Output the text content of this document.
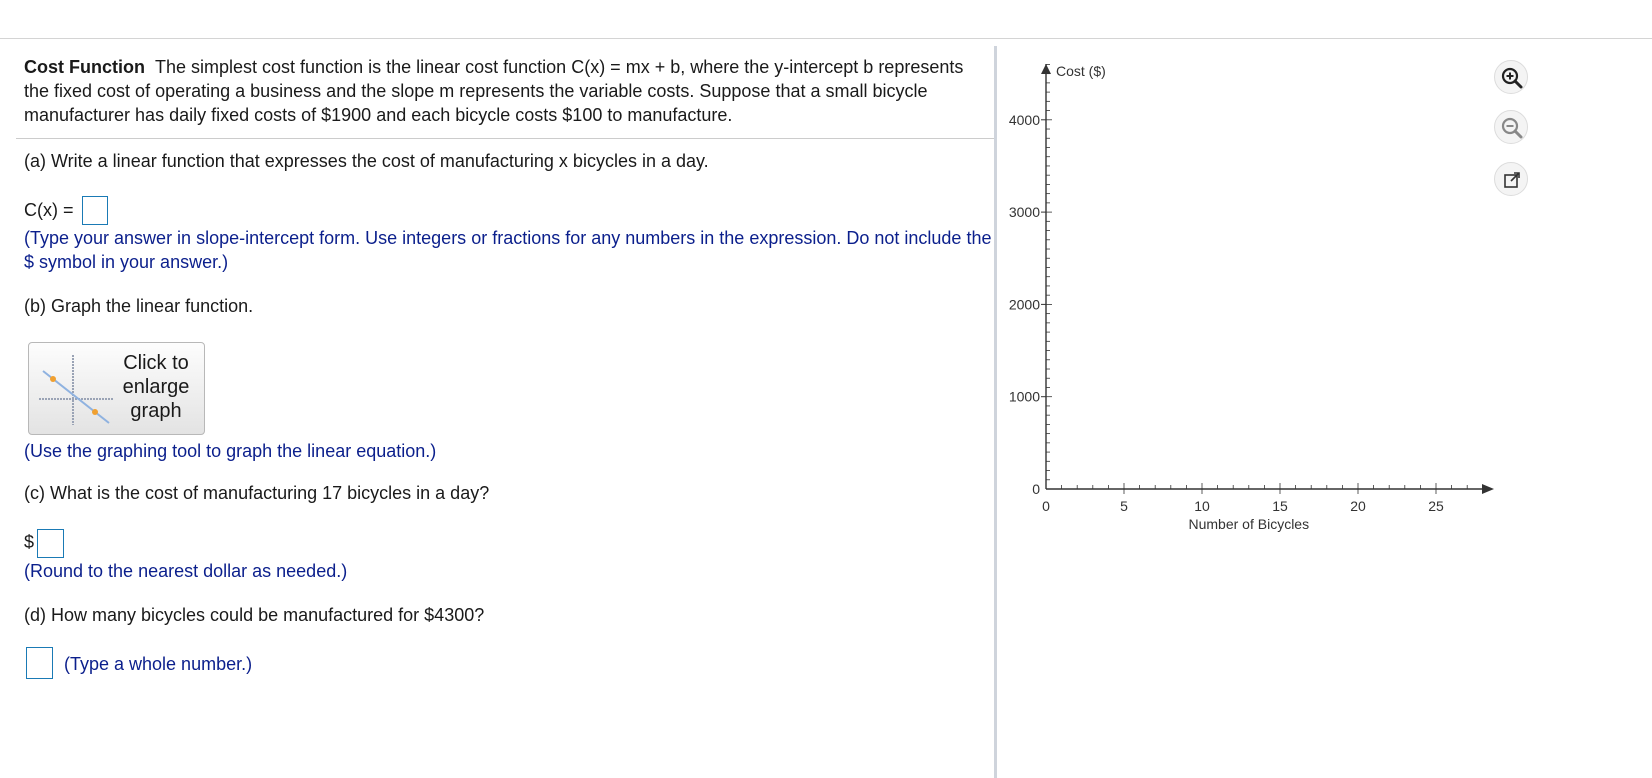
Cost Function The simplest cost function is the linear cost function C(x) = mx + b, where the y-intercept b represents the fixed cost of operating a business and the slope m represents the variable costs. Suppose that a small bicycle manufacturer has daily fixed costs of $1900 and each bicycle costs $100 to manufacture.
(a) Write a linear function that expresses the cost of manufacturing x bicycles in a day.
C(x) =
(Type your answer in slope-intercept form. Use integers or fractions for any numbers in the expression. Do not include the $ symbol in your answer.)
(b) Graph the linear function.
Click to
enlarge
graph
(Use the graphing tool to graph the linear equation.)
(c) What is the cost of manufacturing 17 bicycles in a day?
$
(Round to the nearest dollar as needed.)
(d) How many bicycles could be manufactured for $4300?
(Type a whole number.)
Cost ($)
Number of Bicycles
4000
3000
2000
1000
0
0	5	10	15	20	25
